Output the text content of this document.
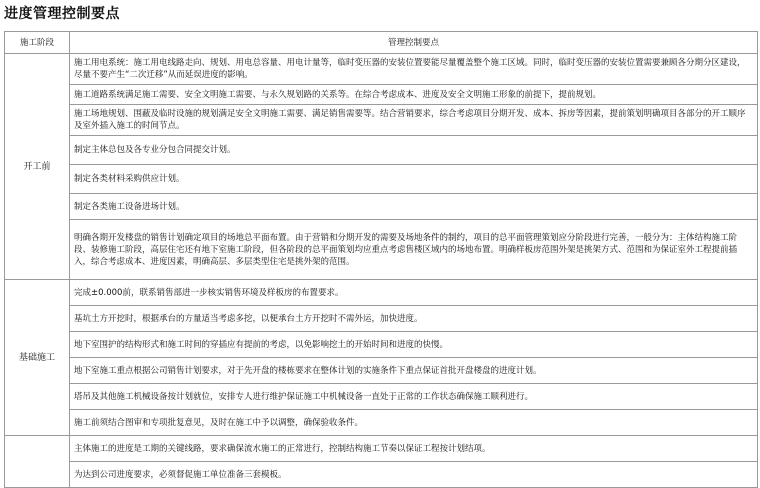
进度管理控制要点
施工阶段	管理控制要点
开工前	施工用电系统：施工用电线路走向、规划、用电总容量、用电计量等，临时变压器的安装位置要能尽量覆盖整个施工区域。同时，临时变压器的安装位置需要兼顾各分期分区建设，尽量不要产生“二次迁移”从而延误进度的影响。
	施工道路系统满足施工需要、安全文明施工需要、与永久规划路的关系等。在综合考虑成本、进度及安全文明施工形象的前提下，提前规划。
	施工场地规划、围蔽及临时设施的规划满足安全文明施工需要、满足销售需要等。结合营销要求，综合考虑项目分期开发、成本、拆房等因素，提前策划明确项目各部分的开工顺序及室外插入施工的时间节点。
	制定主体总包及各专业分包合同提交计划。
	制定各类材料采购供应计划。
	制定各类施工设备进场计划。
	明确各期开发楼盘的销售计划确定项目的场地总平面布置。由于营销和分期开发的需要及场地条件的制约，项目的总平面管理策划应分阶段进行完善，一般分为：主体结构施工阶段、装修施工阶段，高层住宅还有地下室施工阶段，但各阶段的总平面策划均应重点考虑售楼区域内的场地布置。明确样板房范围外架是挑架方式、范围和为保证室外工程提前插入，综合考虑成本、进度因素，明确高层、多层类型住宅是挑外架的范围。
基础施工	完成±0.000前，联系销售部进一步核实销售环境及样板房的布置要求。
	基坑土方开挖时，根据承台的方量适当考虑多挖，以便承台土方开挖时不需外运，加快进度。
	地下室围护的结构形式和施工时间的穿插应有提前的考虑，以免影响挖土的开始时间和进度的快慢。
	地下室施工重点根据公司销售计划要求，对于先开盘的楼栋要求在整体计划的实施条件下重点保证首批开盘楼盘的进度计划。
	塔吊及其他施工机械设备按计划就位，安排专人进行维护保证施工中机械设备一直处于正常的工作状态确保施工顺利进行。
	施工前须结合图审和专项批复意见，及时在施工中予以调整，确保验收条件。
	主体施工的进度是工期的关键线路，要求确保流水施工的正常进行，控制结构施工节奏以保证工程按计划结项。
	为达到公司进度要求，必须督促施工单位准备三套模板。
